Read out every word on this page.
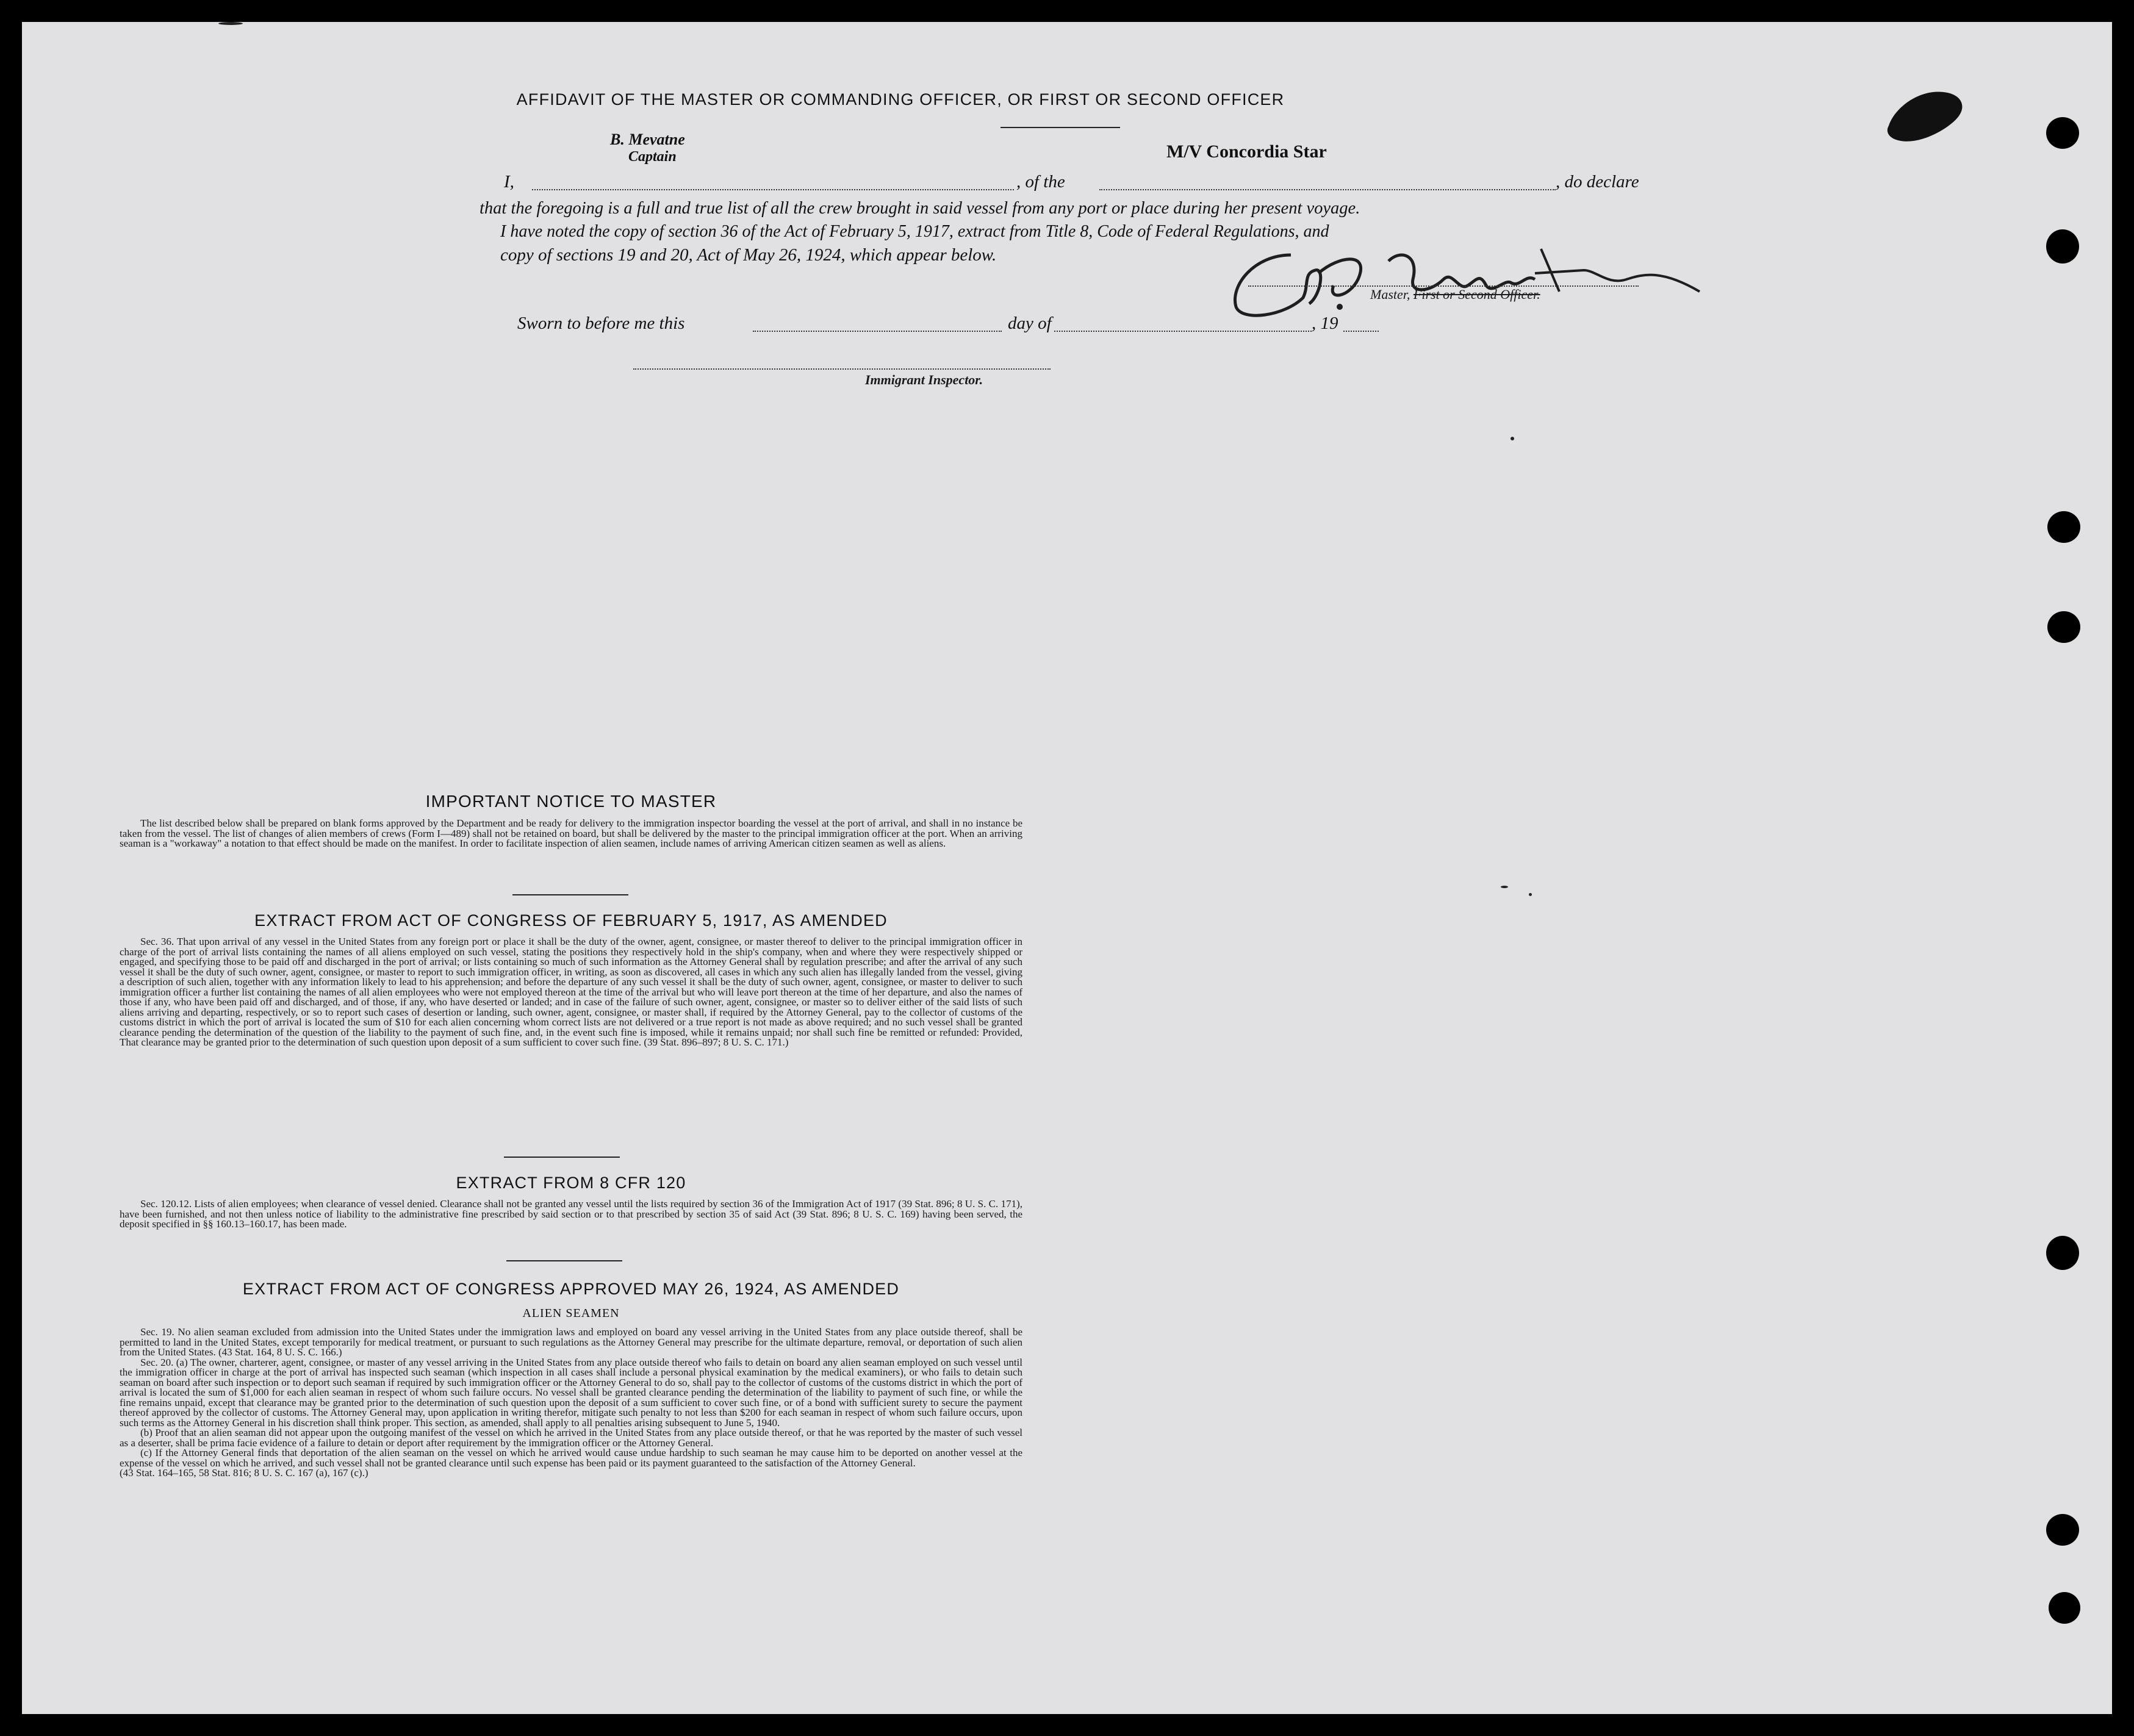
AFFIDAVIT OF THE MASTER OR COMMANDING OFFICER, OR FIRST OR SECOND OFFICER
B. Mevatne
Captain	M/V Concordia Star
I,	, of the	, do declare
that the foregoing is a full and true list of all the crew brought in said vessel from any port or place during her present voyage.
I have noted the copy of section 36 of the Act of February 5, 1917, extract from Title 8, Code of Federal Regulations, and
copy of sections 19 and 20, Act of May 26, 1924, which appear below.
Master, First or Second Officer.
Sworn to before me this	day of	, 19
Immigrant Inspector.
IMPORTANT NOTICE TO MASTER

The list described below shall be prepared on blank forms approved by the Department and be ready for delivery to the immigration inspector boarding the vessel at the port of arrival, and shall in no instance be taken from the vessel. The list of changes of alien members of crews (Form I—489) shall not be retained on board, but shall be delivered by the master to the principal immigration officer at the port. When an arriving seaman is a "workaway" a notation to that effect should be made on the manifest. In order to facilitate inspection of alien seamen, include names of arriving American citizen seamen as well as aliens.

EXTRACT FROM ACT OF CONGRESS OF FEBRUARY 5, 1917, AS AMENDED

Sec. 36. That upon arrival of any vessel in the United States from any foreign port or place it shall be the duty of the owner, agent, consignee, or master thereof to deliver to the principal immigration officer in charge of the port of arrival lists containing the names of all aliens employed on such vessel, stating the positions they respectively hold in the ship's company, when and where they were respectively shipped or engaged, and specifying those to be paid off and discharged in the port of arrival; or lists containing so much of such information as the Attorney General shall by regulation prescribe; and after the arrival of any such vessel it shall be the duty of such owner, agent, consignee, or master to report to such immigration officer, in writing, as soon as discovered, all cases in which any such alien has illegally landed from the vessel, giving a description of such alien, together with any information likely to lead to his apprehension; and before the departure of any such vessel it shall be the duty of such owner, agent, consignee, or master to deliver to such immigration officer a further list containing the names of all alien employees who were not employed thereon at the time of the arrival but who will leave port thereon at the time of her departure, and also the names of those if any, who have been paid off and discharged, and of those, if any, who have deserted or landed; and in case of the failure of such owner, agent, consignee, or master so to deliver either of the said lists of such aliens arriving and departing, respectively, or so to report such cases of desertion or landing, such owner, agent, consignee, or master shall, if required by the Attorney General, pay to the collector of customs of the customs district in which the port of arrival is located the sum of $10 for each alien concerning whom correct lists are not delivered or a true report is not made as above required; and no such vessel shall be granted clearance pending the determination of the question of the liability to the payment of such fine, and, in the event such fine is imposed, while it remains unpaid; nor shall such fine be remitted or refunded: Provided, That clearance may be granted prior to the determination of such question upon deposit of a sum sufficient to cover such fine. (39 Stat. 896–897; 8 U. S. C. 171.)

EXTRACT FROM 8 CFR 120

Sec. 120.12. Lists of alien employees; when clearance of vessel denied. Clearance shall not be granted any vessel until the lists required by section 36 of the Immigration Act of 1917 (39 Stat. 896; 8 U. S. C. 171), have been furnished, and not then unless notice of liability to the administrative fine prescribed by said section or to that prescribed by section 35 of said Act (39 Stat. 896; 8 U. S. C. 169) having been served, the deposit specified in §§ 160.13–160.17, has been made.

EXTRACT FROM ACT OF CONGRESS APPROVED MAY 26, 1924, AS AMENDED
ALIEN SEAMEN

Sec. 19. No alien seaman excluded from admission into the United States under the immigration laws and employed on board any vessel arriving in the United States from any place outside thereof, shall be permitted to land in the United States, except temporarily for medical treatment, or pursuant to such regulations as the Attorney General may prescribe for the ultimate departure, removal, or deportation of such alien from the United States. (43 Stat. 164, 8 U. S. C. 166.)

Sec. 20. (a) The owner, charterer, agent, consignee, or master of any vessel arriving in the United States from any place outside thereof who fails to detain on board any alien seaman employed on such vessel until the immigration officer in charge at the port of arrival has inspected such seaman (which inspection in all cases shall include a personal physical examination by the medical examiners), or who fails to detain such seaman on board after such inspection or to deport such seaman if required by such immigration officer or the Attorney General to do so, shall pay to the collector of customs of the customs district in which the port of arrival is located the sum of $1,000 for each alien seaman in respect of whom such failure occurs. No vessel shall be granted clearance pending the determination of the liability to payment of such fine, or while the fine remains unpaid, except that clearance may be granted prior to the determination of such question upon the deposit of a sum sufficient to cover such fine, or of a bond with sufficient surety to secure the payment thereof approved by the collector of customs. The Attorney General may, upon application in writing therefor, mitigate such penalty to not less than $200 for each seaman in respect of whom such failure occurs, upon such terms as the Attorney General in his discretion shall think proper. This section, as amended, shall apply to all penalties arising subsequent to June 5, 1940.

(b) Proof that an alien seaman did not appear upon the outgoing manifest of the vessel on which he arrived in the United States from any place outside thereof, or that he was reported by the master of such vessel as a deserter, shall be prima facie evidence of a failure to detain or deport after requirement by the immigration officer or the Attorney General.

(c) If the Attorney General finds that deportation of the alien seaman on the vessel on which he arrived would cause undue hardship to such seaman he may cause him to be deported on another vessel at the expense of the vessel on which he arrived, and such vessel shall not be granted clearance until such expense has been paid or its payment guaranteed to the satisfaction of the Attorney General.

(43 Stat. 164–165, 58 Stat. 816; 8 U. S. C. 167 (a), 167 (c).)
